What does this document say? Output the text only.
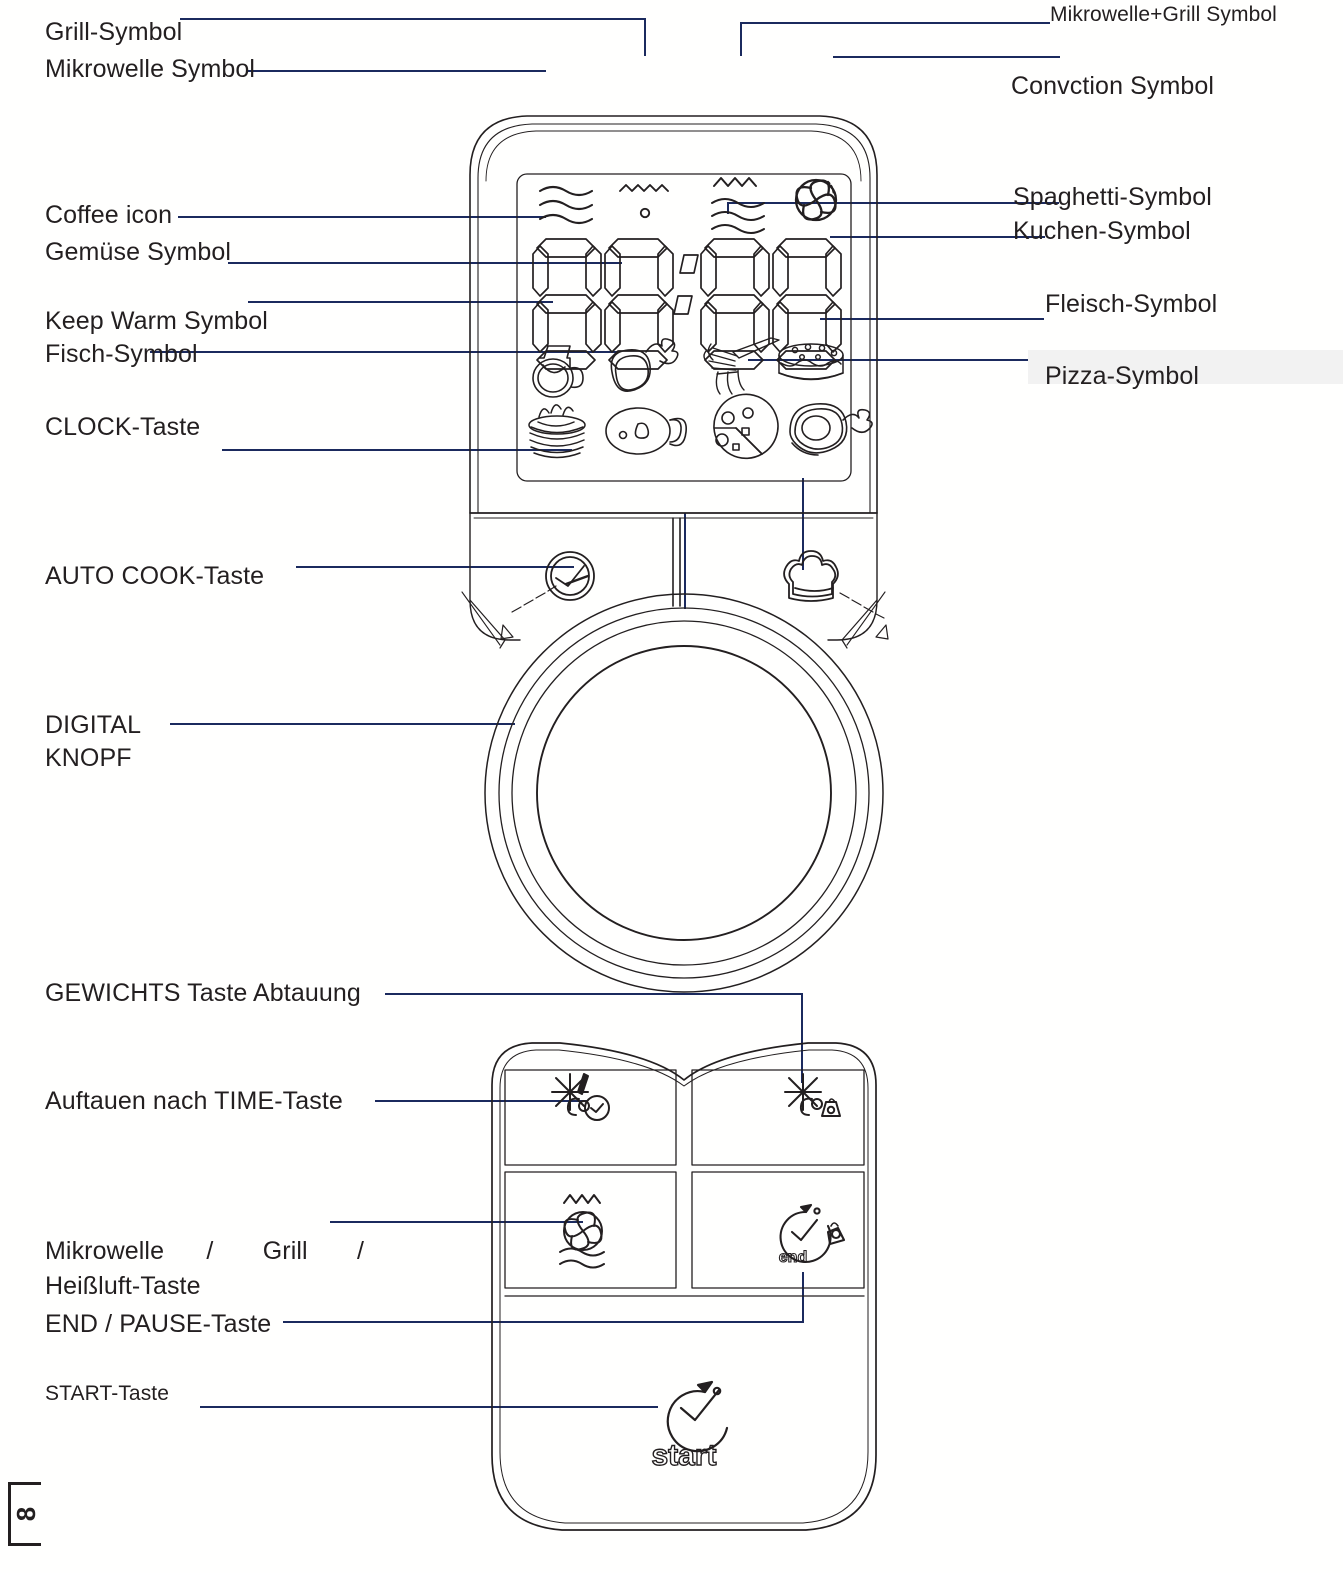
start
end
Grill-Symbol
Mikrowelle Symbol
Mikrowelle+Grill Symbol
Convction Symbol
Coffee icon
Gemüse Symbol
Keep Warm Symbol
Fisch-Symbol
CLOCK-Taste
AUTO COOK-Taste
DIGITAL
KNOPF
GEWICHTS Taste Abtauung
Auftauen nach TIME-Taste
Mikrowelle      /       Grill       /
Heißluft-Taste
END / PAUSE-Taste
START-Taste
Spaghetti-Symbol
Kuchen-Symbol
Fleisch-Symbol
Pizza-Symbol
8
